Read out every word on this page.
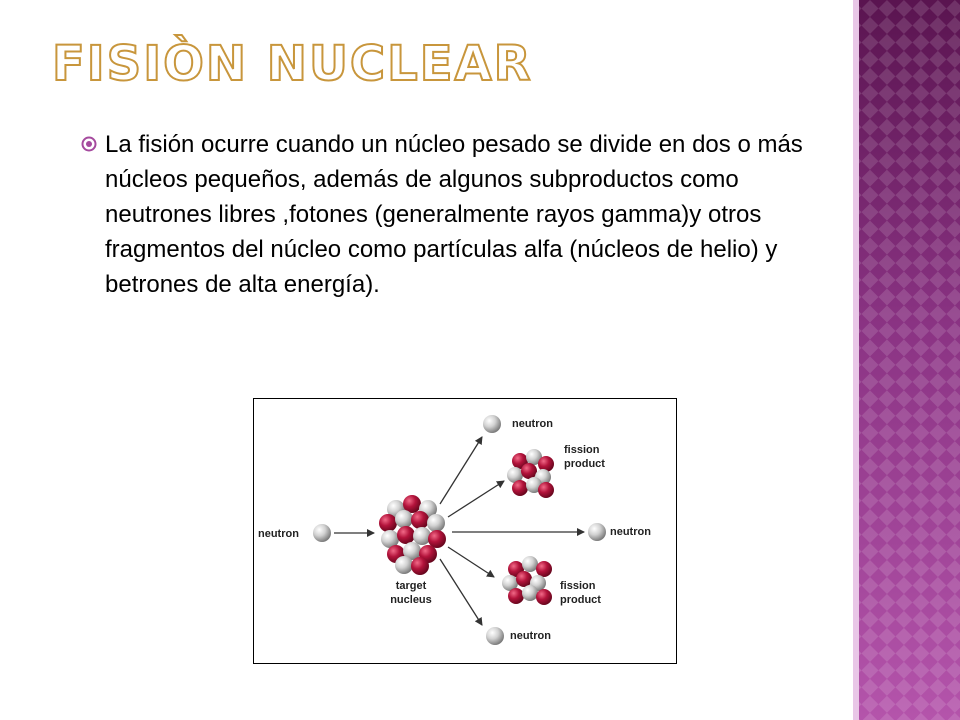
FISIÒN NUCLEAR

La fisión ocurre cuando un núcleo pesado se divide en dos o más núcleos pequeños, además de algunos subproductos como neutrones libres ,fotones (generalmente rayos gamma)y otros fragmentos del núcleo como partículas alfa (núcleos de helio) y betrones de alta energía).

neutron
target
nucleus
neutron
fission
product
neutron
fission
product
neutron
